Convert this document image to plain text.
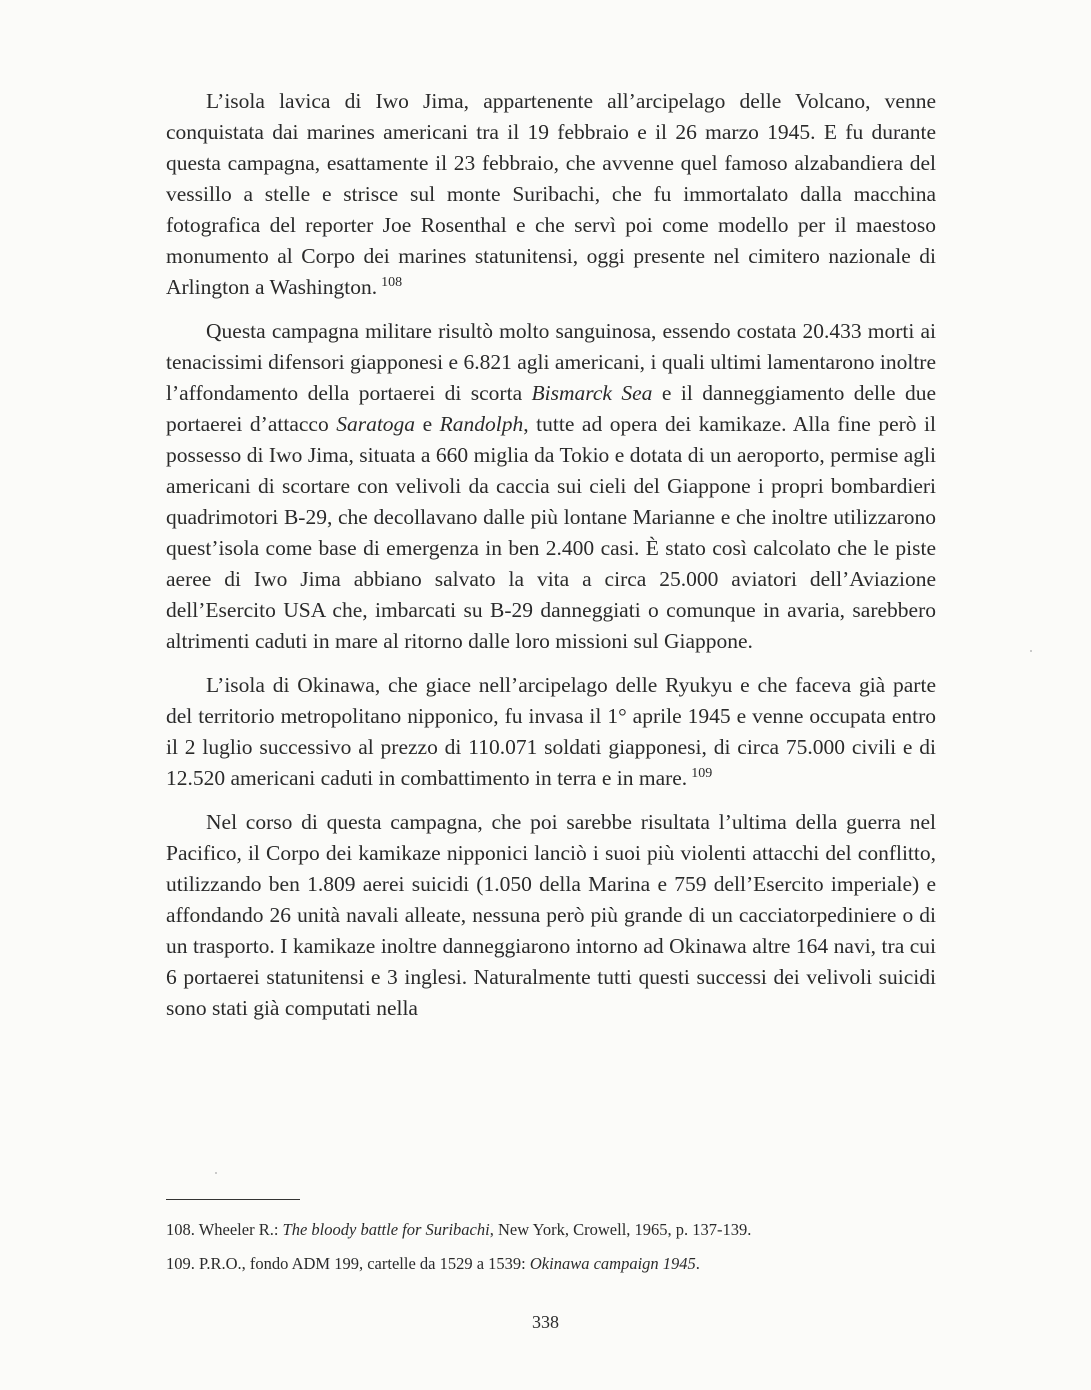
L’isola lavica di Iwo Jima, appartenente all’arcipelago delle Volcano, venne conquistata dai marines americani tra il 19 febbraio e il 26 marzo 1945. E fu durante questa campagna, esattamente il 23 febbraio, che avvenne quel famoso alzabandiera del vessillo a stelle e strisce sul monte Suribachi, che fu immortalato dalla macchina fotografica del reporter Joe Rosenthal e che servì poi come modello per il maestoso monumento al Corpo dei marines statunitensi, oggi presente nel cimitero nazionale di Arlington a Washington. $^{108}$

Questa campagna militare risultò molto sanguinosa, essendo costata 20.433 morti ai tenacissimi difensori giapponesi e 6.821 agli americani, i quali ultimi lamentarono inoltre l’affondamento della portaerei di scorta Bismarck Sea e il danneggiamento delle due portaerei d’attacco Saratoga e Randolph, tutte ad opera dei kamikaze. Alla fine però il possesso di Iwo Jima, situata a 660 miglia da Tokio e dotata di un aeroporto, permise agli americani di scortare con velivoli da caccia sui cieli del Giappone i propri bombardieri quadrimotori B-29, che decollavano dalle più lontane Marianne e che inoltre utilizzarono quest’isola come base di emergenza in ben 2.400 casi. È stato così calcolato che le piste aeree di Iwo Jima abbiano salvato la vita a circa 25.000 aviatori dell’Aviazione dell’Esercito USA che, imbarcati su B-29 danneggiati o comunque in avaria, sarebbero altrimenti caduti in mare al ritorno dalle loro missioni sul Giappone.

L’isola di Okinawa, che giace nell’arcipelago delle Ryukyu e che faceva già parte del territorio metropolitano nipponico, fu invasa il 1° aprile 1945 e venne occupata entro il 2 luglio successivo al prezzo di 110.071 soldati giapponesi, di circa 75.000 civili e di 12.520 americani caduti in combattimento in terra e in mare. $^{109}$

Nel corso di questa campagna, che poi sarebbe risultata l’ultima della guerra nel Pacifico, il Corpo dei kamikaze nipponici lanciò i suoi più violenti attacchi del conflitto, utilizzando ben 1.809 aerei suicidi (1.050 della Marina e 759 dell’Esercito imperiale) e affondando 26 unità navali alleate, nessuna però più grande di un cacciatorpediniere o di un trasporto. I kamikaze inoltre danneggiarono intorno ad Okinawa altre 164 navi, tra cui 6 portaerei statunitensi e 3 inglesi. Naturalmente tutti questi successi dei velivoli suicidi sono stati già computati nella

108. Wheeler R.: The bloody battle for Suribachi, New York, Crowell, 1965, p. 137-139.
109. P.R.O., fondo ADM 199, cartelle da 1529 a 1539: Okinawa campaign 1945.
338
